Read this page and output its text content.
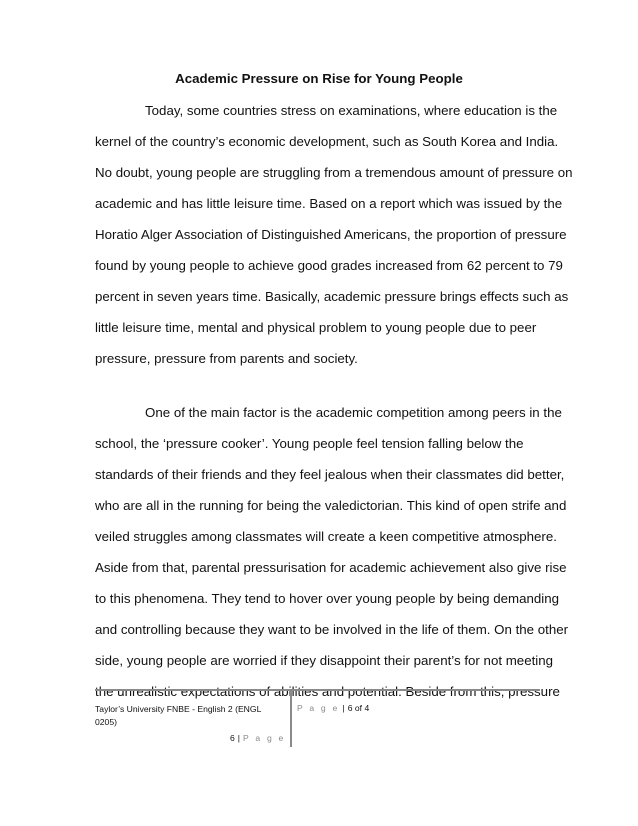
Academic Pressure on Rise for Young People
Today, some countries stress on examinations, where education is the
kernel of the country’s economic development, such as South Korea and India.
No doubt, young people are struggling from a tremendous amount of pressure on
academic and has little leisure time. Based on a report which was issued by the
Horatio Alger Association of Distinguished Americans, the proportion of pressure
found by young people to achieve good grades increased from 62 percent to 79
percent in seven years time. Basically, academic pressure brings effects such as
little leisure time, mental and physical problem to young people due to peer
pressure, pressure from parents and society.
One of the main factor is the academic competition among peers in the
school, the ‘pressure cooker’. Young people feel tension falling below the
standards of their friends and they feel jealous when their classmates did better,
who are all in the running for being the valedictorian. This kind of open strife and
veiled struggles among classmates will create a keen competitive atmosphere.
Aside from that, parental pressurisation for academic achievement also give rise
to this phenomena. They tend to hover over young people by being demanding
and controlling because they want to be involved in the life of them. On the other
side, young people are worried if they disappoint their parent’s for not meeting
the unrealistic expectations of abilities and potential. Beside from this, pressure
Taylor’s University FNBE - English 2 (ENGL
0205)
P a g e | 6 of 4
6 | P a g e
